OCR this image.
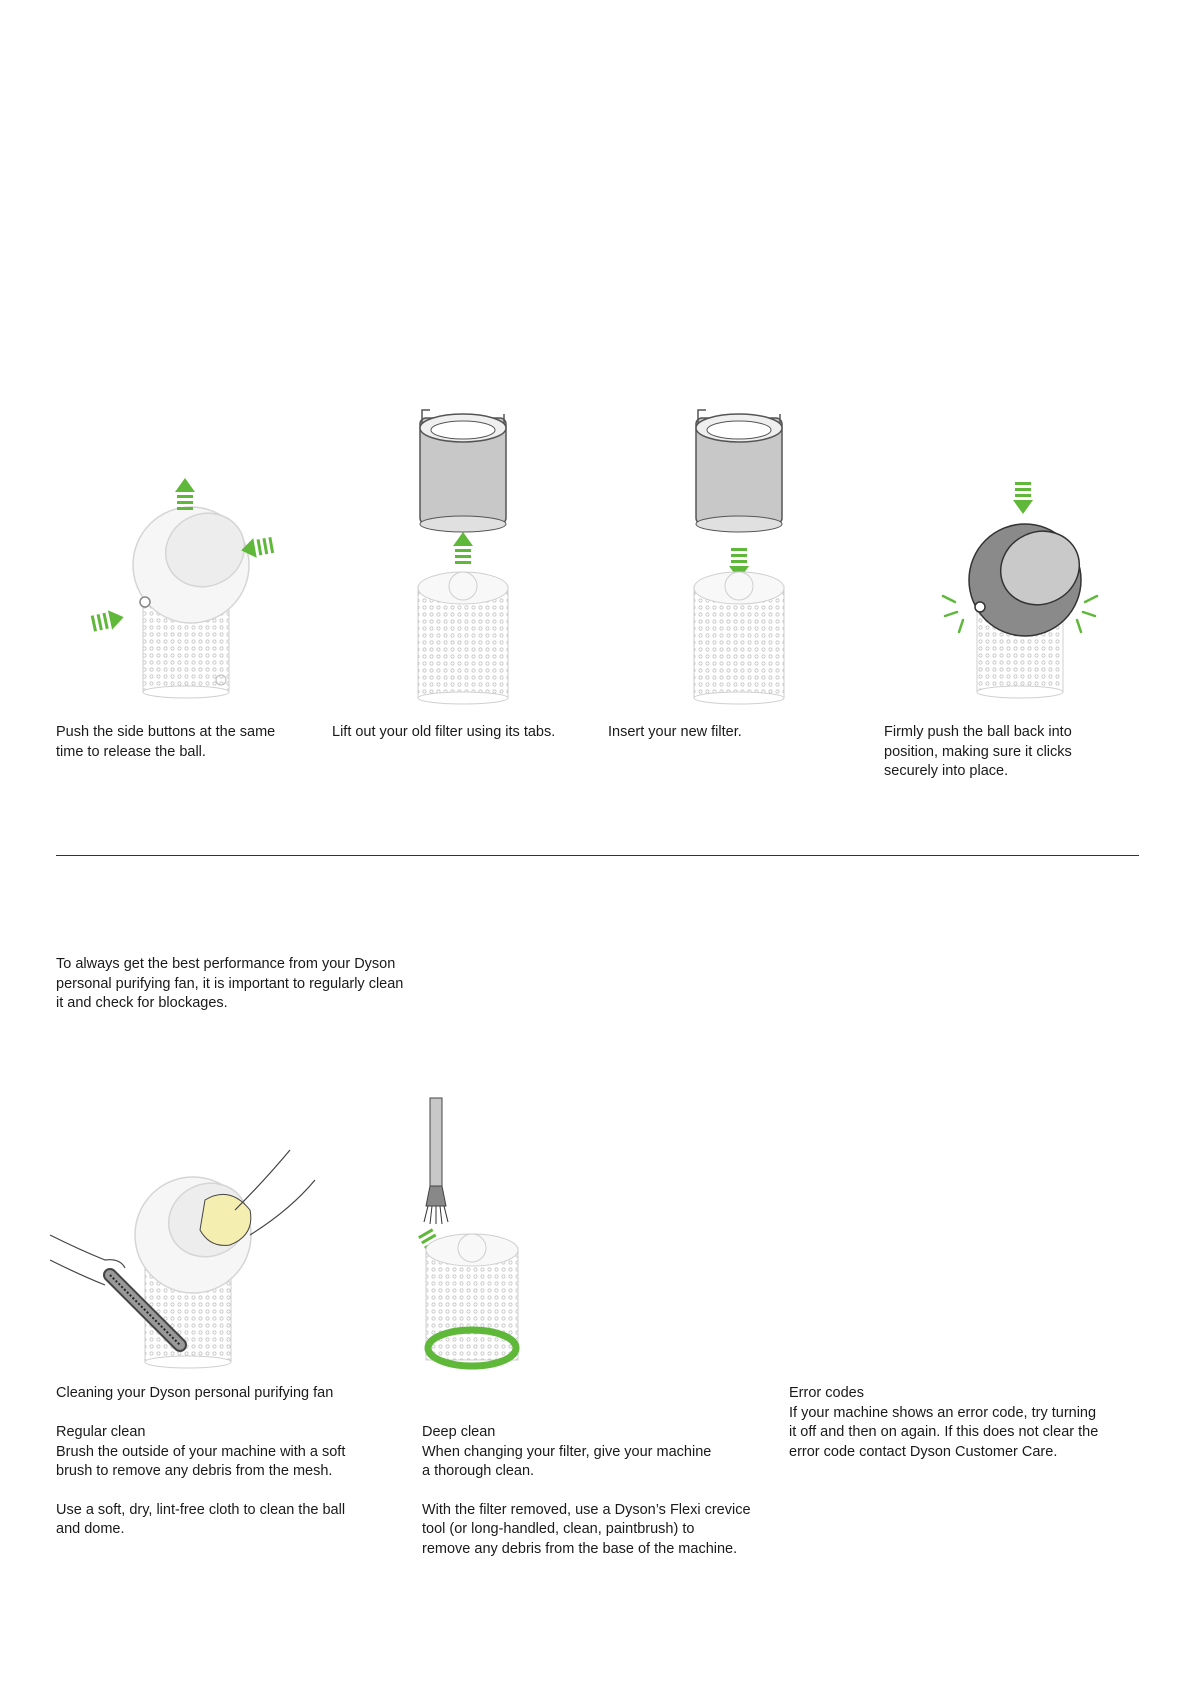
Push the side buttons at the same
time to release the ball.
Lift out your old filter using its tabs.	Insert your new filter.	Firmly push the ball back into
position, making sure it clicks
securely into place.
To always get the best performance from your Dyson
personal purifying fan, it is important to regularly clean
it and check for blockages.
Cleaning your Dyson personal purifying fan
Regular clean
Brush the outside of your machine with a soft
brush to remove any debris from the mesh.
Use a soft, dry, lint-free cloth to clean the ball
and dome.
Deep clean
When changing your filter, give your machine
a thorough clean.
With the filter removed, use a Dyson’s Flexi crevice
tool (or long-handled, clean, paintbrush) to
remove any debris from the base of the machine.
Error codes
If your machine shows an error code, try turning
it off and then on again. If this does not clear the
error code contact Dyson Customer Care.
